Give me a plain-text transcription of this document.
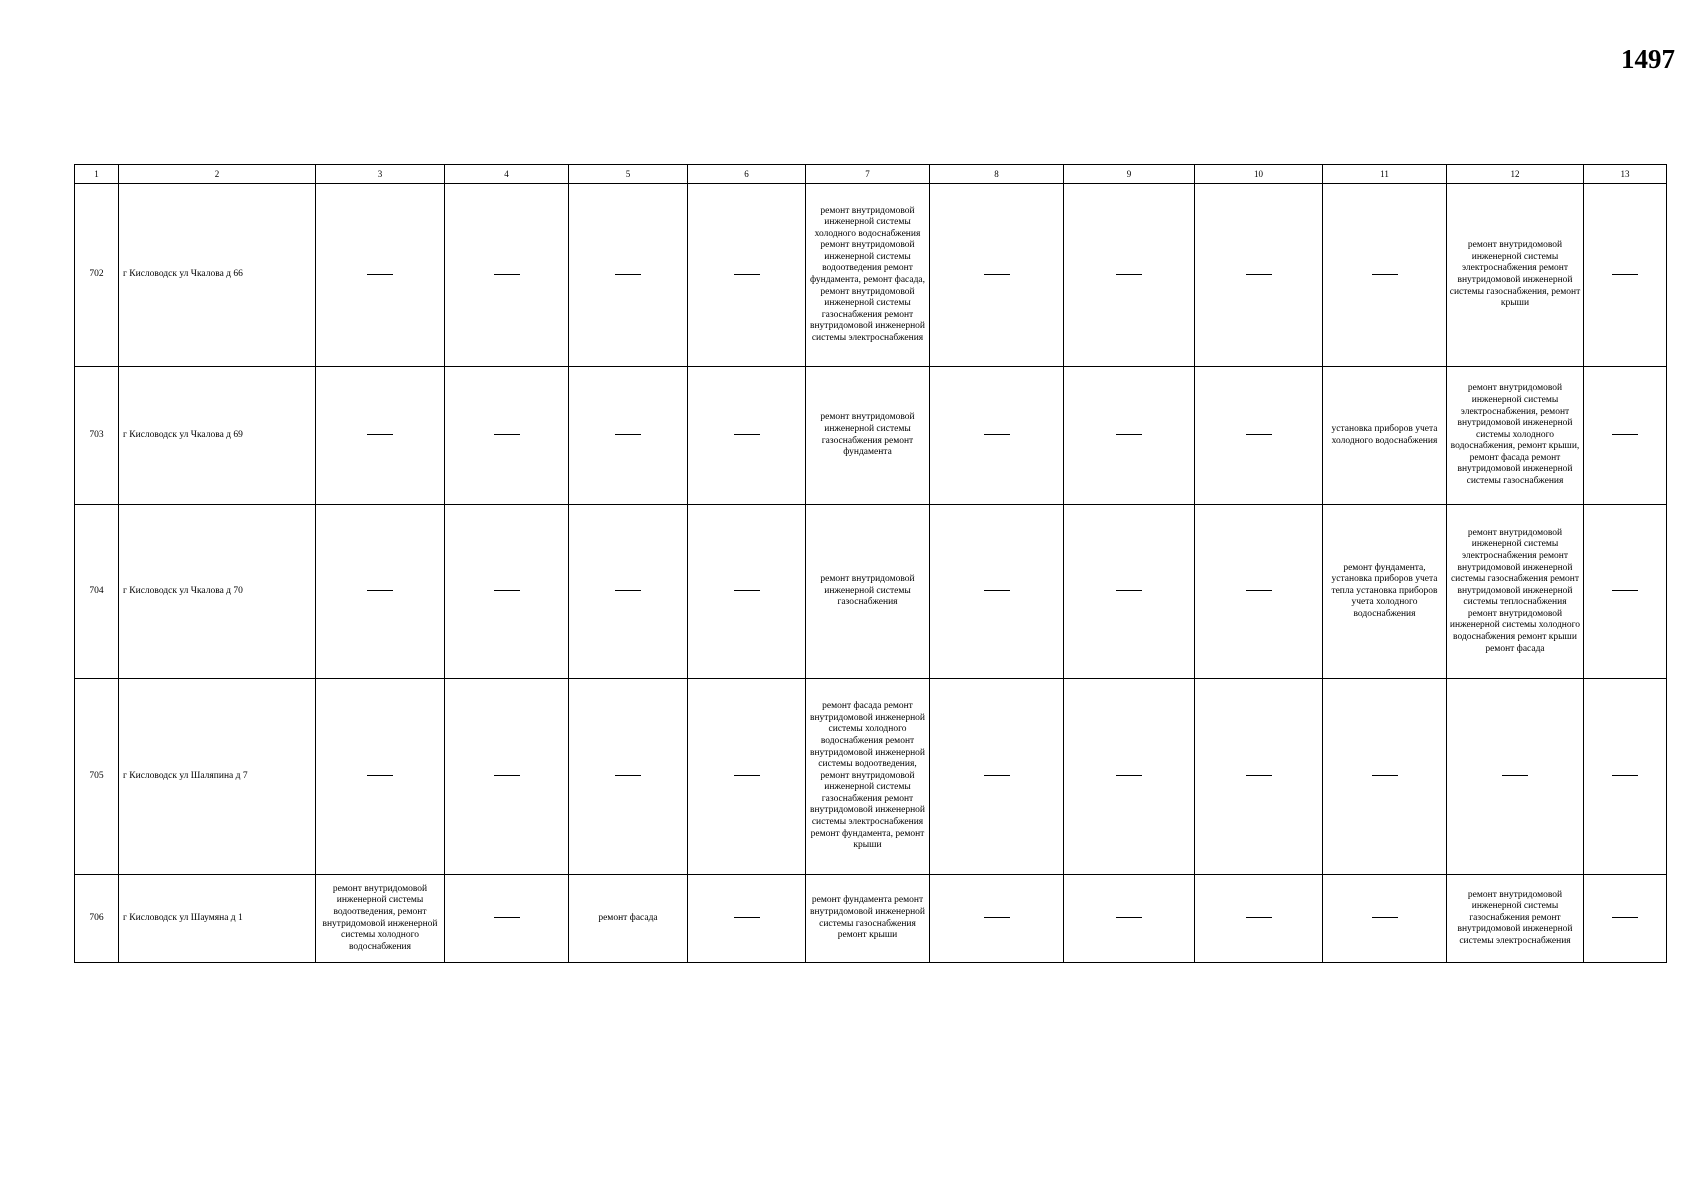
1497
1	2	3	4	5	6	7	8	9	10	11	12	13
702	г Кисловодск ул Чкалова д 66					ремонт внутридомовой инженерной системы холодного водоснабжения ремонт внутридомовой инженерной системы водоотведения ремонт фундамента, ремонт фасада, ремонт внутридомовой инженерной системы газоснабжения ремонт внутридомовой инженерной системы электроснабжения					ремонт внутридомовой инженерной системы электроснабжения ремонт внутридомовой инженерной системы газоснабжения, ремонт крыши	
703	г Кисловодск ул Чкалова д 69					ремонт внутридомовой инженерной системы газоснабжения ремонт фундамента				установка приборов учета холодного водоснабжения	ремонт внутридомовой инженерной системы электроснабжения, ремонт внутридомовой инженерной системы холодного водоснабжения, ремонт крыши, ремонт фасада ремонт внутридомовой инженерной системы газоснабжения	
704	г Кисловодск ул Чкалова д 70					ремонт внутридомовой инженерной системы газоснабжения				ремонт фундамента, установка приборов учета тепла установка приборов учета холодного водоснабжения	ремонт внутридомовой инженерной системы электроснабжения ремонт внутридомовой инженерной системы газоснабжения ремонт внутридомовой инженерной системы теплоснабжения ремонт внутридомовой инженерной системы холодного водоснабжения ремонт крыши ремонт фасада	
705	г Кисловодск ул Шаляпина д 7					ремонт фасада ремонт внутридомовой инженерной системы холодного водоснабжения ремонт внутридомовой инженерной системы водоотведения, ремонт внутридомовой инженерной системы газоснабжения ремонт внутридомовой инженерной системы электроснабжения ремонт фундамента, ремонт крыши						
706	г Кисловодск ул Шаумяна д 1	ремонт внутридомовой инженерной системы водоотведения, ремонт внутридомовой инженерной системы холодного водоснабжения		ремонт фасада		ремонт фундамента ремонт внутридомовой инженерной системы газоснабжения ремонт крыши					ремонт внутридомовой инженерной системы газоснабжения ремонт внутридомовой инженерной системы электроснабжения	
